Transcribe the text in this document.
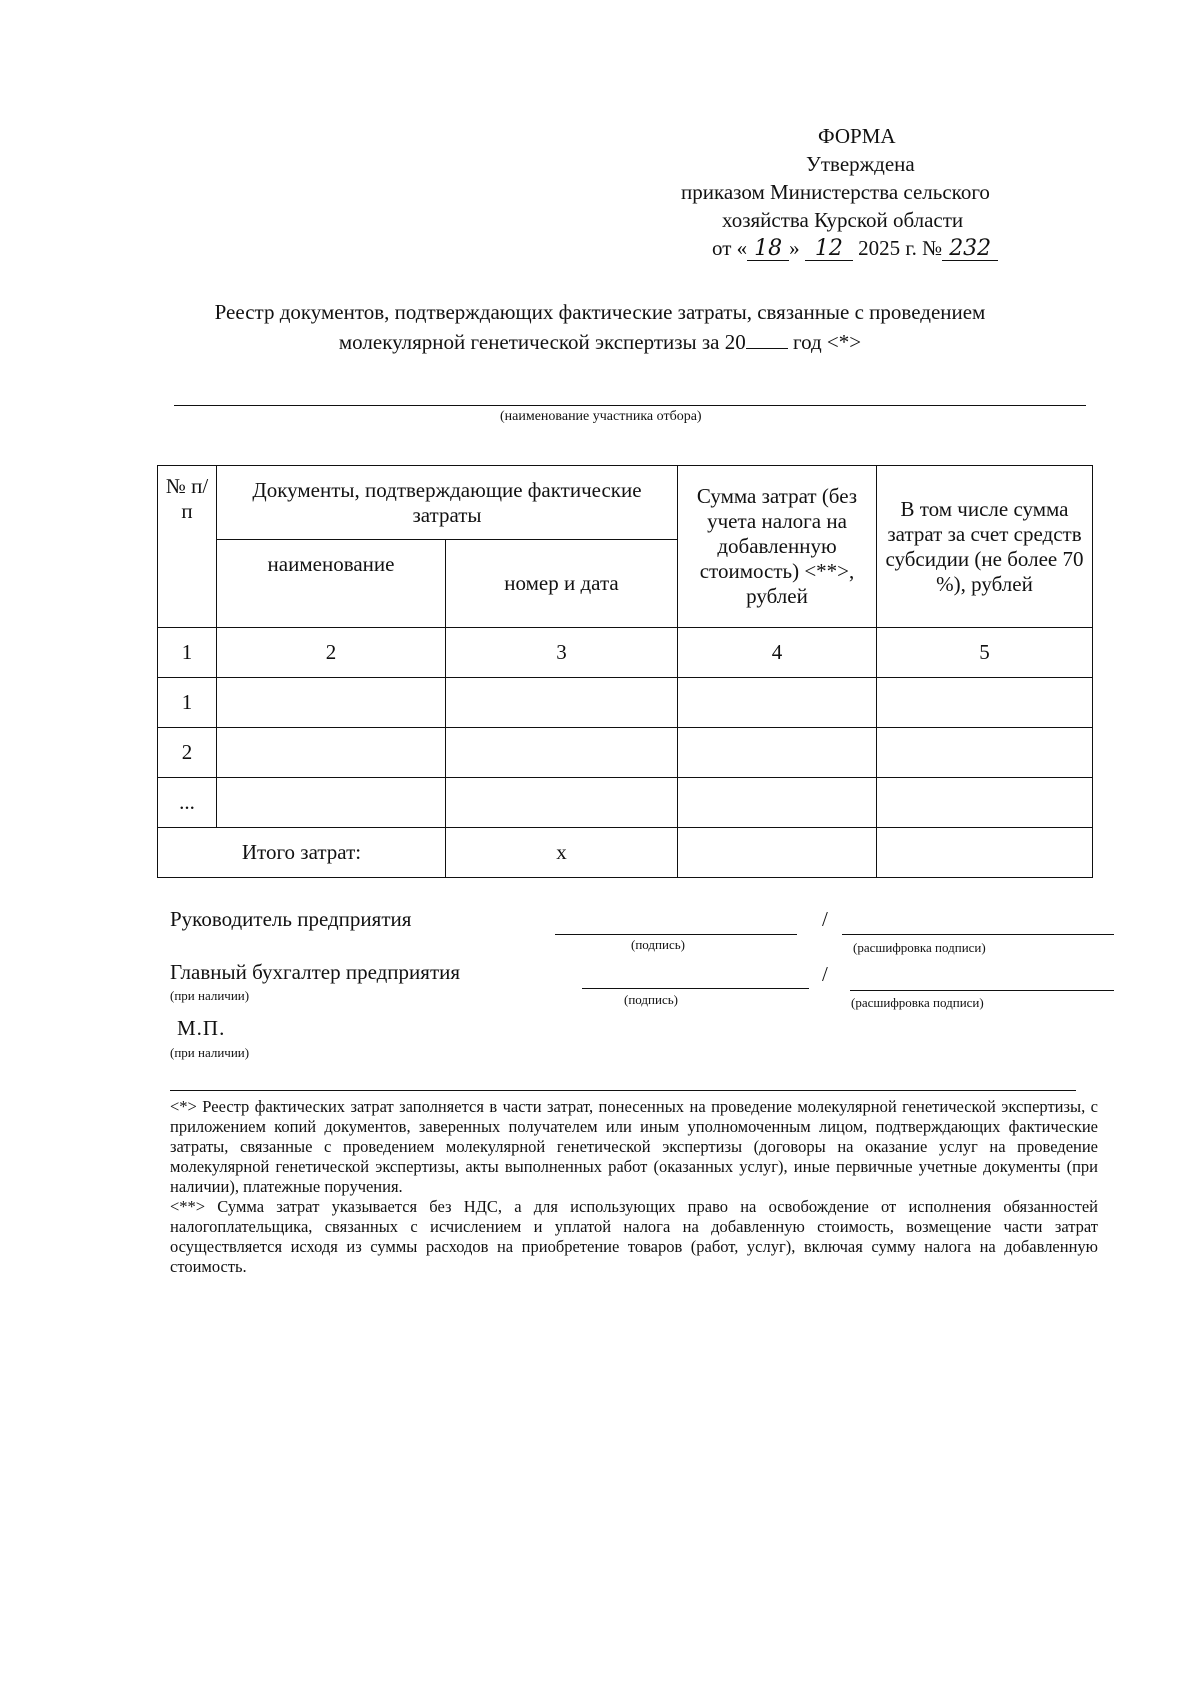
ФОРМА
Утверждена
приказом Министерства сельского
хозяйства Курской области
от « 18 » 12 2025 г. № 232
Реестр документов, подтверждающих фактические затраты, связанные с проведением
молекулярной генетической экспертизы за 20 год <*>
(наименование участника отбора)
№ п/п	Документы, подтверждающие фактические затраты		Сумма затрат (без учета налога на добавленную стоимость) <**>, рублей	В том числе сумма затрат за счет средств субсидии (не более 70 %), рублей
	наименование	номер и дата		
1	2	3	4	5
1				
2				
...				
Итого затрат:		х		
Руководитель предприятия	/
(подпись)	(расшифровка подписи)
Главный бухгалтер предприятия
(при наличии)
/
(подпись)	(расшифровка подписи)
М.П.
(при наличии)

<*> Реестр фактических затрат заполняется в части затрат, понесенных на проведение молекулярной генетической экспертизы, с приложением копий документов, заверенных получателем или иным уполномоченным лицом, подтверждающих фактические затраты, связанные с проведением молекулярной генетической экспертизы (договоры на оказание услуг на проведение молекулярной генетической экспертизы, акты выполненных работ (оказанных услуг), иные первичные учетные документы (при наличии), платежные поручения.

<**> Сумма затрат указывается без НДС, а для использующих право на освобождение от исполнения обязанностей налогоплательщика, связанных с исчислением и уплатой налога на добавленную стоимость, возмещение части затрат осуществляется исходя из суммы расходов на приобретение товаров (работ, услуг), включая сумму налога на добавленную стоимость.
